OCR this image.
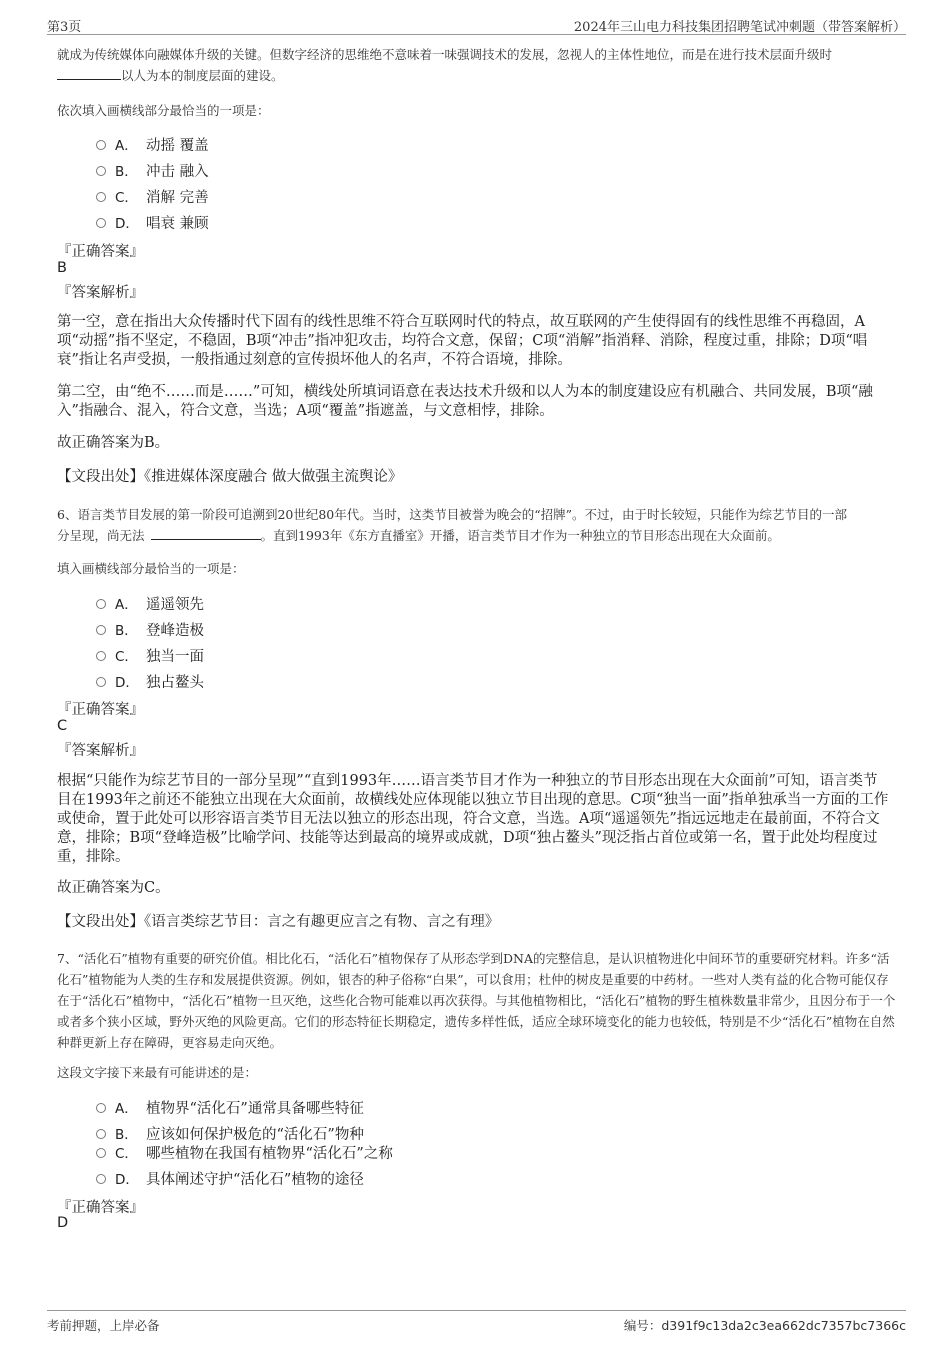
第3页	2024年三山电力科技集团招聘笔试冲刺题（带答案解析）
就成为传统媒体向融媒体升级的关键。但数字经济的思维绝不意味着一味强调技术的发展，忽视人的主体性地位，而是在进行技术层面升级时
以人为本的制度层面的建设。
依次填入画横线部分最恰当的一项是：
A． 动摇 覆盖
B． 冲击 融入
C． 消解 完善
D． 唱衰 兼顾
『正确答案』
B
『答案解析』
第一空，意在指出大众传播时代下固有的线性思维不符合互联网时代的特点，故互联网的产生使得固有的线性思维不再稳固，A项“动摇”指不坚定，不稳固，B项“冲击”指冲犯攻击，均符合文意，保留；C项“消解”指消释、消除，程度过重，排除；D项“唱衰”指让名声受损，一般指通过刻意的宣传损坏他人的名声，不符合语境，排除。
第二空，由“绝不……而是……”可知，横线处所填词语意在表达技术升级和以人为本的制度建设应有机融合、共同发展，B项“融入”指融合、混入，符合文意，当选；A项“覆盖”指遮盖，与文意相悖，排除。
故正确答案为B。
【文段出处】《推进媒体深度融合 做大做强主流舆论》
6、语言类节目发展的第一阶段可追溯到20世纪80年代。当时，这类节目被誉为晚会的“招牌”。不过，由于时长较短，只能作为综艺节目的一部
分呈现，尚无法	。直到1993年《东方直播室》开播，语言类节目才作为一种独立的节目形态出现在大众面前。
填入画横线部分最恰当的一项是：
A． 遥遥领先
B． 登峰造极
C． 独当一面
D． 独占鳌头
『正确答案』
C
『答案解析』
根据“只能作为综艺节目的一部分呈现”“直到1993年……语言类节目才作为一种独立的节目形态出现在大众面前”可知，语言类节目在1993年之前还不能独立出现在大众面前，故横线处应体现能以独立节目出现的意思。C项“独当一面”指单独承当一方面的工作或使命，置于此处可以形容语言类节目无法以独立的形态出现，符合文意，当选。A项“遥遥领先”指远远地走在最前面，不符合文意，排除；B项“登峰造极”比喻学问、技能等达到最高的境界或成就，D项“独占鳌头”现泛指占首位或第一名，置于此处均程度过重，排除。
故正确答案为C。
【文段出处】《语言类综艺节目：言之有趣更应言之有物、言之有理》
7、“活化石”植物有重要的研究价值。相比化石，“活化石”植物保存了从形态学到DNA的完整信息，是认识植物进化中间环节的重要研究材料。许多“活化石”植物能为人类的生存和发展提供资源。例如，银杏的种子俗称“白果”，可以食用；杜仲的树皮是重要的中药材。一些对人类有益的化合物可能仅存在于“活化石”植物中，“活化石”植物一旦灭绝，这些化合物可能难以再次获得。与其他植物相比，“活化石”植物的野生植株数量非常少，且因分布于一个或者多个狭小区域，野外灭绝的风险更高。它们的形态特征长期稳定，遗传多样性低，适应全球环境变化的能力也较低，特别是不少“活化石”植物在自然种群更新上存在障碍，更容易走向灭绝。
这段文字接下来最有可能讲述的是：
A． 植物界“活化石”通常具备哪些特征
B． 应该如何保护极危的“活化石”物种
C． 哪些植物在我国有植物界“活化石”之称
D． 具体阐述守护“活化石”植物的途径
『正确答案』
D
考前押题，上岸必备	编号：d391f9c13da2c3ea662dc7357bc7366c
